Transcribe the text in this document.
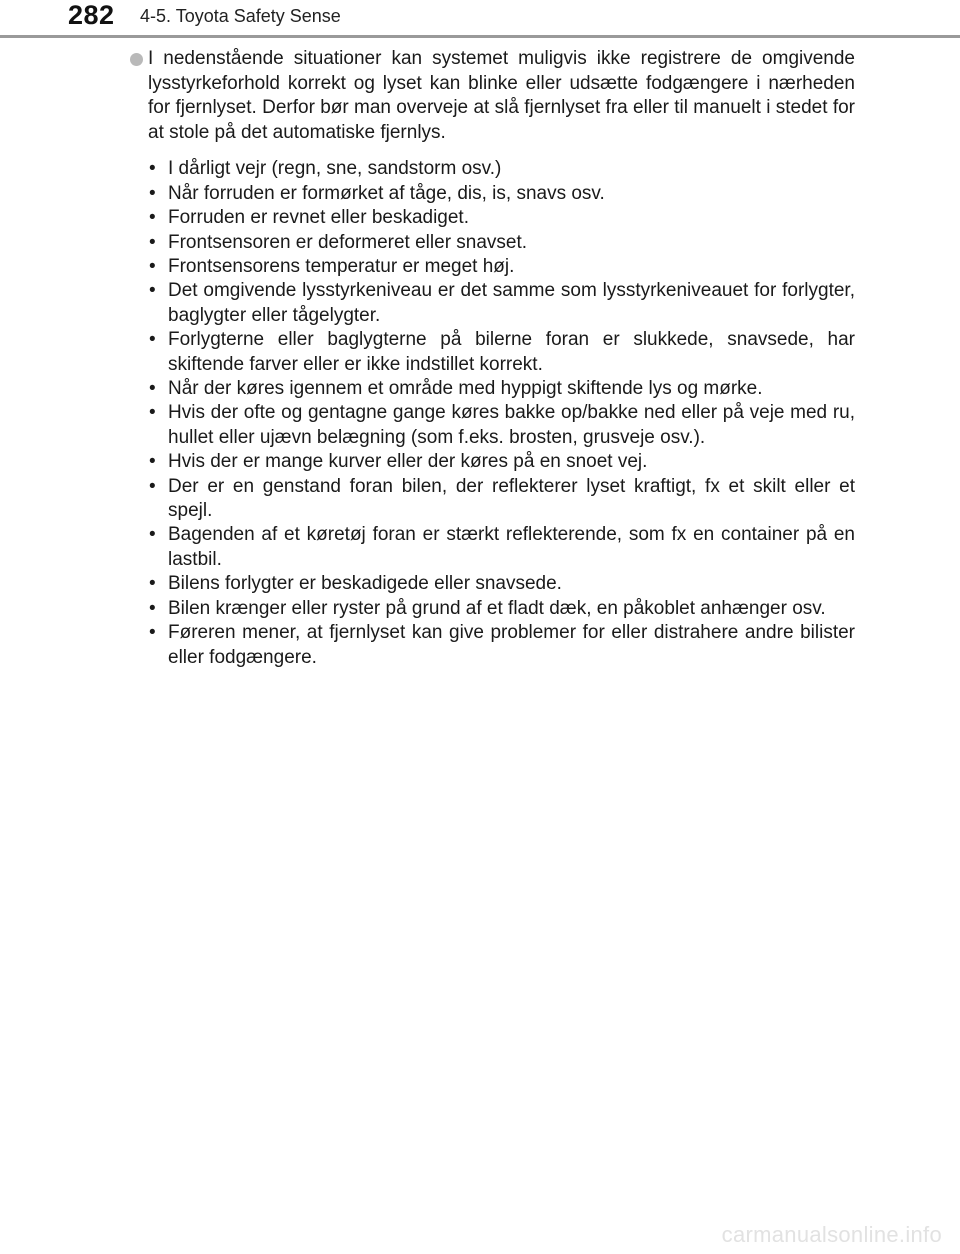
282 4-5. Toyota Safety Sense

I nedenstående situationer kan systemet muligvis ikke registrere de omgivende lysstyrkeforhold korrekt og lyset kan blinke eller udsætte fodgængere i nærheden for fjernlyset. Derfor bør man overveje at slå fjernlyset fra eller til manuelt i stedet for at stole på det automatiske fjernlys.

• I dårligt vejr (regn, sne, sandstorm osv.)
• Når forruden er formørket af tåge, dis, is, snavs osv.
• Forruden er revnet eller beskadiget.
• Frontsensoren er deformeret eller snavset.
• Frontsensorens temperatur er meget høj.
• Det omgivende lysstyrkeniveau er det samme som lysstyrkeniveauet for forlygter, baglygter eller tågelygter.
• Forlygterne eller baglygterne på bilerne foran er slukkede, snavsede, har skiftende farver eller er ikke indstillet korrekt.
• Når der køres igennem et område med hyppigt skiftende lys og mørke.
• Hvis der ofte og gentagne gange køres bakke op/bakke ned eller på veje med ru, hullet eller ujævn belægning (som f.eks. brosten, grusveje osv.).
• Hvis der er mange kurver eller der køres på en snoet vej.
• Der er en genstand foran bilen, der reflekterer lyset kraftigt, fx et skilt eller et spejl.
• Bagenden af et køretøj foran er stærkt reflekterende, som fx en container på en lastbil.
• Bilens forlygter er beskadigede eller snavsede.
• Bilen krænger eller ryster på grund af et fladt dæk, en påkoblet anhænger osv.
• Føreren mener, at fjernlyset kan give problemer for eller distrahere andre bilister eller fodgængere.
carmanualsonline.info
